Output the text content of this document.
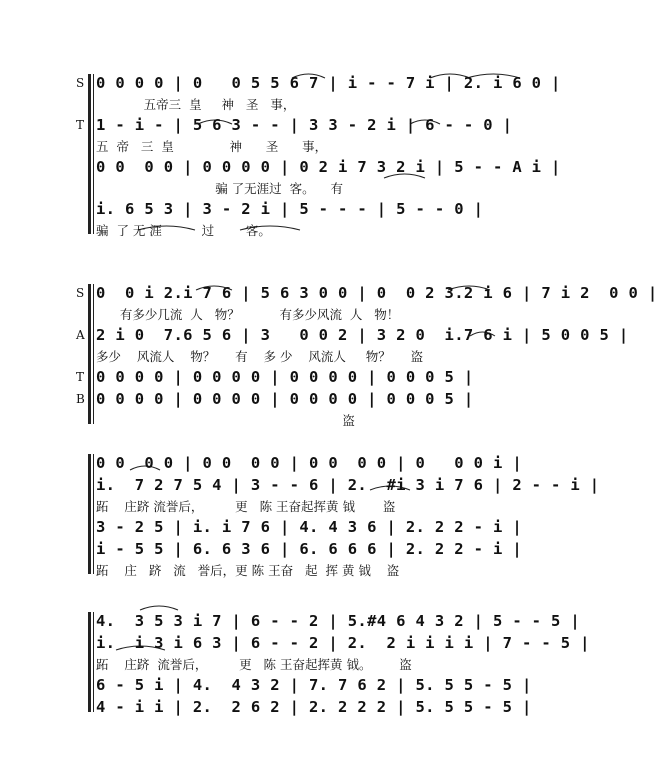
S 0 0 0 0 | 0   0 5 5 6 7 | i - - 7 i | 2. i 6 0 |
五帝三  皇     神   圣   事，
T 1 - i - | 5 6 3 - - | 3 3 - 2 i | 6 - - 0 |
五  帝   三  皇              神      圣      事，
0 0  0 0 | 0 0 0 0 | 0 2 i 7 3 2 i | 5 - - A i |
骗 了无涯过  客。    有
i. 6 5 3 | 3 - 2 i | 5 - - - | 5 - - 0 |
骗  了 无 涯          过        客。
S 0  0 i 2.i 7 6 | 5 6 3 0 0 | 0  0 2 3.2 i 6 | 7 i 2  0 0 |
有多少几流  人   物？          有多少风流  人   物！
A 2 i 0  7.6 5 6 | 3   0 0 2 | 3 2 0  i.7 6 i | 5 0 0 5 |
多少    风流人    物？     有    多 少    风流人     物？     盗
T 0 0 0 0 | 0 0 0 0 | 0 0 0 0 | 0 0 0 5 |
B 0 0 0 0 | 0 0 0 0 | 0 0 0 0 | 0 0 0 5 |
盗
0 0  0 0 | 0 0  0 0 | 0 0  0 0 | 0   0 0 i |
i.  7 2 7 5 4 | 3 - - 6 | 2.  #i 3 i 7 6 | 2 - - i |
跖    庄跻 流誉后，        更   陈 王奋起挥黄 钺       盗
3 - 2 5 | i. i 7 6 | 4. 4 3 6 | 2. 2 2 - i |
i - 5 5 | 6. 6 3 6 | 6. 6 6 6 | 2. 2 2 - i |
跖    庄   跻   流   誉后，更 陈 王奋   起  挥 黄 钺    盗
4.  3 5 3 i 7 | 6 - - 2 | 5.#4 6 4 3 2 | 5 - - 5 |
i.  i 3 i 6 3 | 6 - - 2 | 2.  2 i i i i | 7 - - 5 |
跖    庄跻  流誉后，        更   陈 王奋起挥黄 钺。       盗
6 - 5 i | 4.  4 3 2 | 7. 7 6 2 | 5. 5 5 - 5 |
4 - i i | 2.  2 6 2 | 2. 2 2 2 | 5. 5 5 - 5 |
